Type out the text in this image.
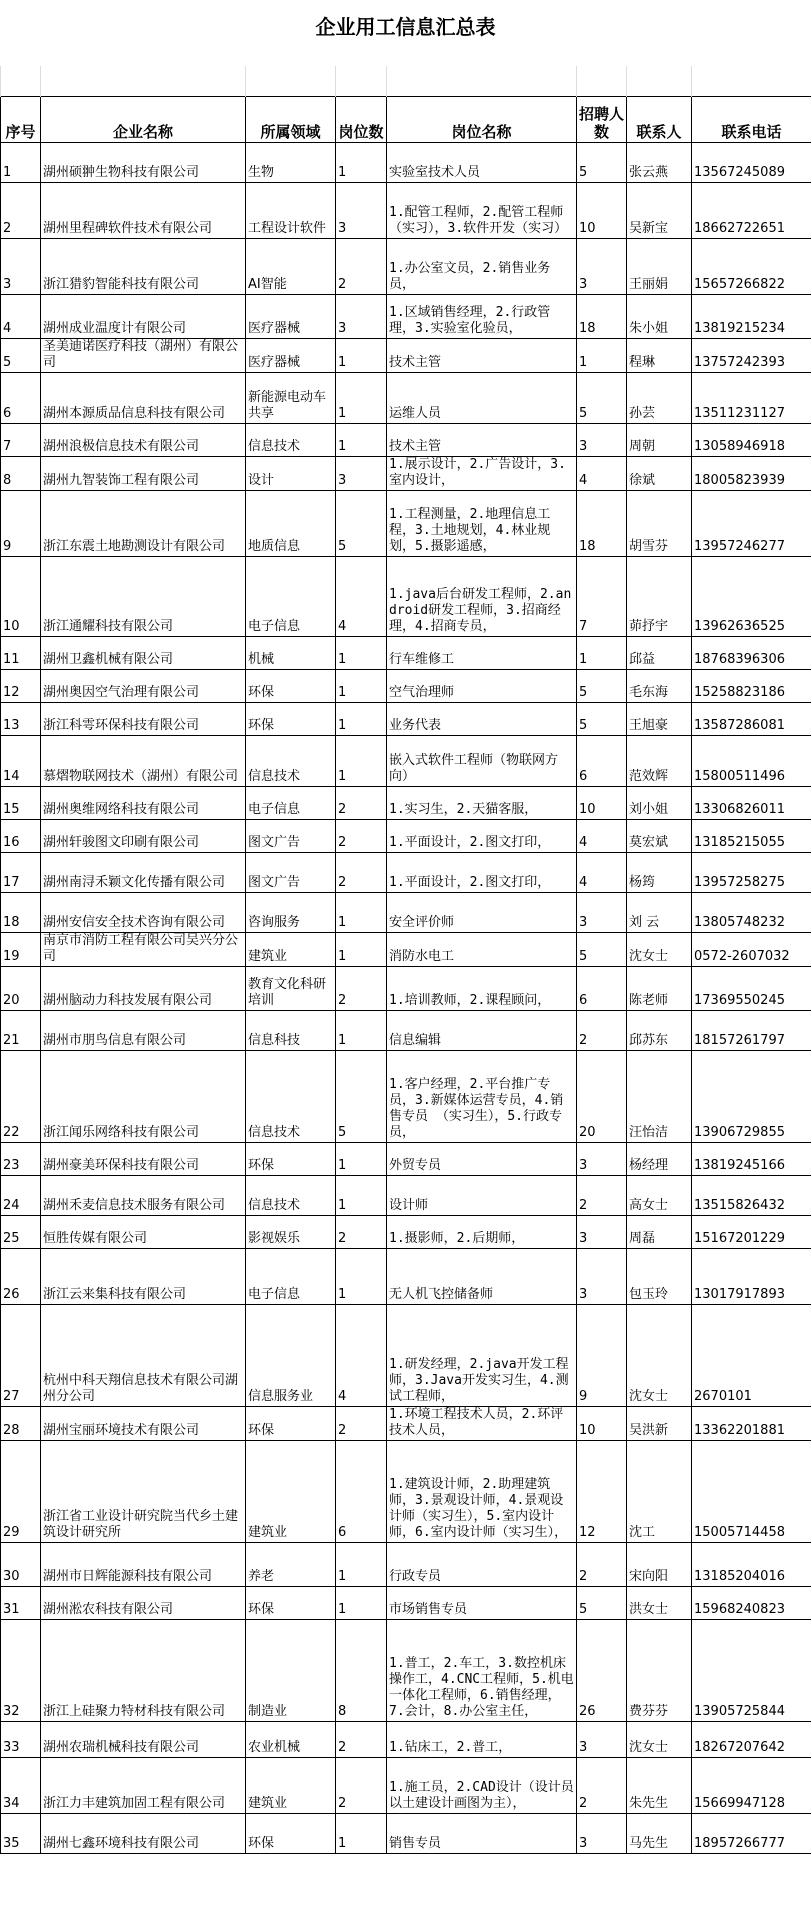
企业用工信息汇总表

序号	企业名称	所属领域	岗位数	岗位名称	招聘人数	联系人	联系电话
1	湖州硕翀生物科技有限公司	生物	1	实验室技术人员	5	张云燕	13567245089
2	湖州里程碑软件技术有限公司	工程设计软件	3	1.配管工程师，2.配管工程师（实习），3.软件开发（实习）	10	吴新宝	18662722651
3	浙江猎豹智能科技有限公司	AI智能	2	1.办公室文员，2.销售业务员，	3	王丽娟	15657266822
4	湖州成业温度计有限公司	医疗器械	3	1.区域销售经理，2.行政管理，3.实验室化验员，	18	朱小姐	13819215234
5	圣美迪诺医疗科技（湖州）有限公司	医疗器械	1	技术主管	1	程琳	13757242393
6	湖州本源质品信息科技有限公司	新能源电动车共享	1	运维人员	5	孙芸	13511231127
7	湖州浪极信息技术有限公司	信息技术	1	技术主管	3	周朝	13058946918
8	湖州九智装饰工程有限公司	设计	3	1.展示设计，2.广告设计，3.室内设计，	4	徐斌	18005823939
9	浙江东震土地勘测设计有限公司	地质信息	5	1.工程测量，2.地理信息工程，3.土地规划，4.林业规划，5.摄影遥感，	18	胡雪芬	13957246277
10	浙江通耀科技有限公司	电子信息	4	1.java后台研发工程师，2.android研发工程师，3.招商经理，4.招商专员，	7	茆抒宇	13962636525
11	湖州卫鑫机械有限公司	机械	1	行车维修工	1	邱益	18768396306
12	湖州奥因空气治理有限公司	环保	1	空气治理师	5	毛东海	15258823186
13	浙江科雩环保科技有限公司	环保	1	业务代表	5	王旭豪	13587286081
14	慕熠物联网技术（湖州）有限公司	信息技术	1	嵌入式软件工程师（物联网方向）	6	范效辉	15800511496
15	湖州奥维网络科技有限公司	电子信息	2	1.实习生，2.天猫客服，	10	刘小姐	13306826011
16	湖州轩骏图文印刷有限公司	图文广告	2	1.平面设计，2.图文打印，	4	莫宏斌	13185215055
17	湖州南浔禾颖文化传播有限公司	图文广告	2	1.平面设计，2.图文打印，	4	杨筠	13957258275
18	湖州安信安全技术咨询有限公司	咨询服务	1	安全评价师	3	刘 云	13805748232
19	南京市消防工程有限公司吴兴分公司	建筑业	1	消防水电工	5	沈女士	0572-2607032
20	湖州脑动力科技发展有限公司	教育文化科研培训	2	1.培训教师，2.课程顾问，	6	陈老师	17369550245
21	湖州市朋鸟信息有限公司	信息科技	1	信息编辑	2	邱苏东	18157261797
22	浙江闻乐网络科技有限公司	信息技术	5	1.客户经理，2.平台推广专员，3.新媒体运营专员，4.销售专员 （实习生），5.行政专员，	20	汪怡洁	13906729855
23	湖州豪美环保科技有限公司	环保	1	外贸专员	3	杨经理	13819245166
24	湖州禾麦信息技术服务有限公司	信息技术	1	设计师	2	高女士	13515826432
25	恒胜传媒有限公司	影视娱乐	2	1.摄影师，2.后期师，	3	周磊	15167201229
26	浙江云来集科技有限公司	电子信息	1	无人机飞控储备师	3	包玉玲	13017917893
27	杭州中科天翔信息技术有限公司湖州分公司	信息服务业	4	1.研发经理，2.java开发工程师，3.Java开发实习生，4.测试工程师，	9	沈女士	2670101
28	湖州宝丽环境技术有限公司	环保	2	1.环境工程技术人员，2.环评技术人员，	10	吴洪新	13362201881
29	浙江省工业设计研究院当代乡土建筑设计研究所	建筑业	6	1.建筑设计师，2.助理建筑师，3.景观设计师，4.景观设计师（实习生），5.室内设计师，6.室内设计师（实习生），	12	沈工	15005714458
30	湖州市日辉能源科技有限公司	养老	1	行政专员	2	宋向阳	13185204016
31	湖州淞农科技有限公司	环保	1	市场销售专员	5	洪女士	15968240823
32	浙江上硅聚力特材科技有限公司	制造业	8	1.普工，2.车工，3.数控机床操作工，4.CNC工程师，5.机电一体化工程师，6.销售经理，7.会计，8.办公室主任，	26	费芬芬	13905725844
33	湖州农瑞机械科技有限公司	农业机械	2	1.钻床工，2.普工，	3	沈女士	18267207642
34	浙江力丰建筑加固工程有限公司	建筑业	2	1.施工员，2.CAD设计（设计员以土建设计画图为主），	2	朱先生	15669947128
35	湖州七鑫环境科技有限公司	环保	1	销售专员	3	马先生	18957266777
